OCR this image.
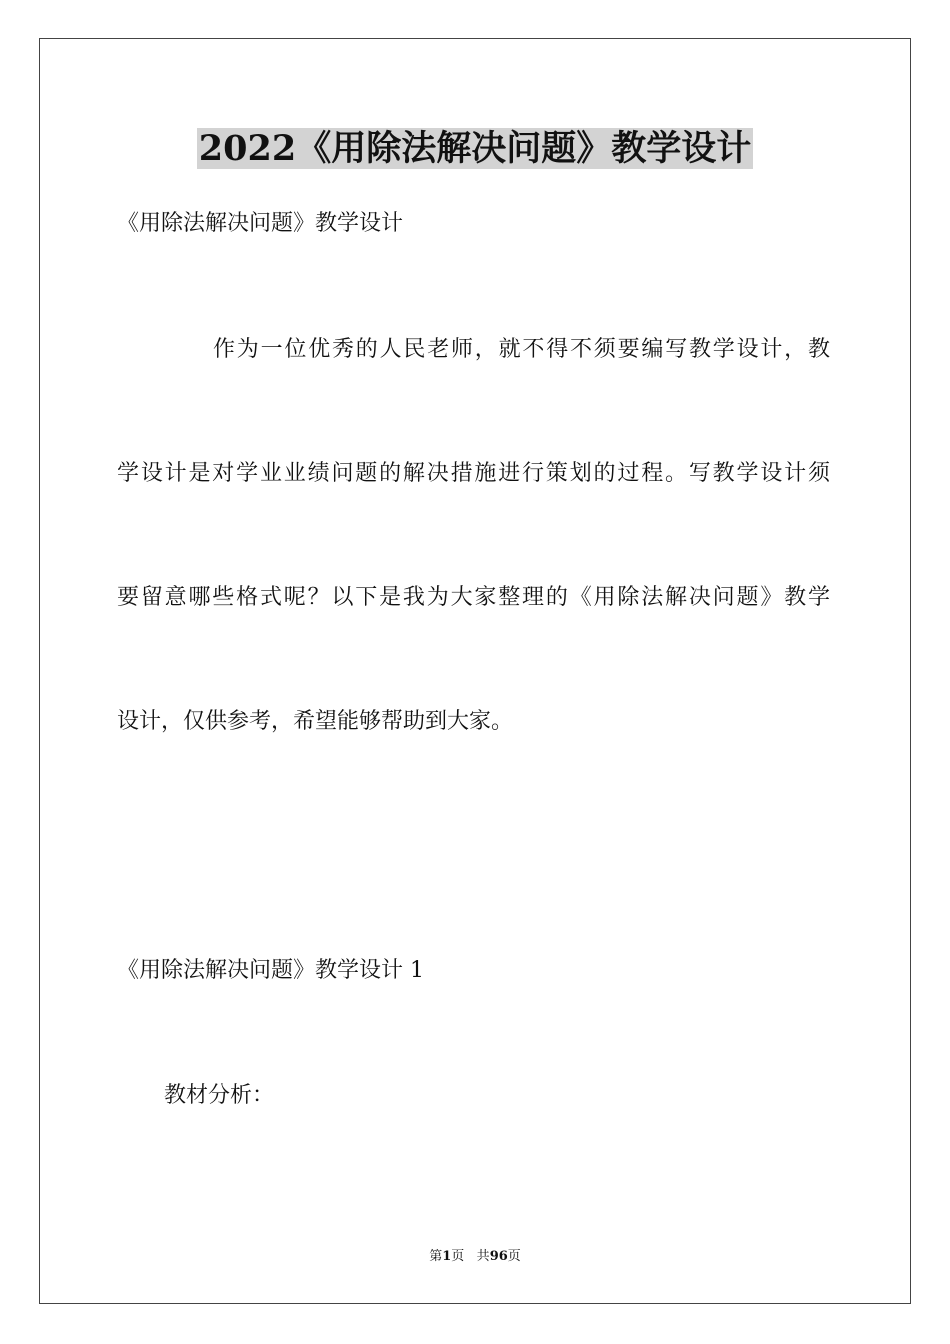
2022《用除法解决问题》教学设计

《用除法解决问题》教学设计

作为一位优秀的人民老师，就不得不须要编写教学设计，教

学设计是对学业业绩问题的解决措施进行策划的过程。写教学设计须

要留意哪些格式呢？以下是我为大家整理的《用除法解决问题》教学

设计，仅供参考，希望能够帮助到大家。

《用除法解决问题》教学设计 1

教材分析：

第1页 共96页
